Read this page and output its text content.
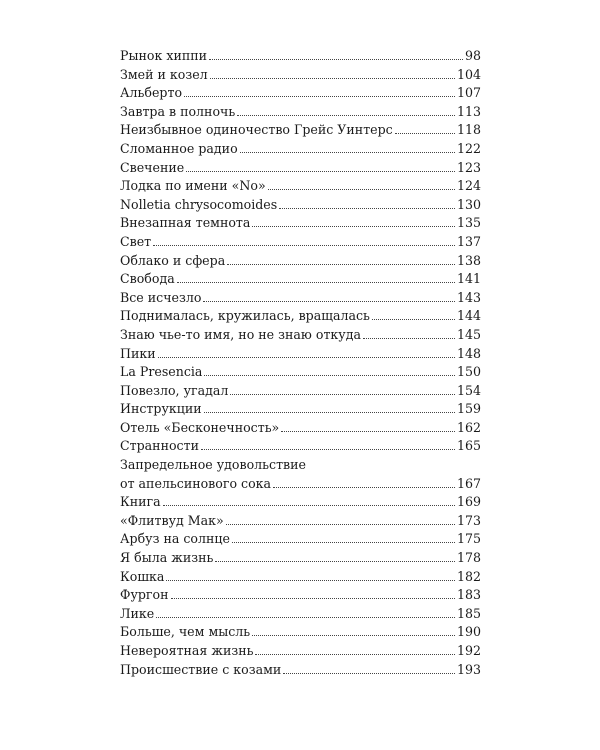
Рынок хиппи	98
Змей и козел	104
Альберто	107
Завтра в полночь	113
Неизбывное одиночество Грейс Уинтерс	118
Сломанное радио	122
Свечение	123
Лодка по имени «No»	124
Nolletia chrysocomoides	130
Внезапная темнота	135
Свет	137
Облако и сфера	138
Свобода	141
Все исчезло	143
Поднималась, кружилась, вращалась	144
Знаю чье-то имя, но не знаю откуда	145
Пики	148
La Presencia	150
Повезло, угадал	154
Инструкции	159
Отель «Бесконечность»	162
Странности	165
Запредельное удовольствие
от апельсинового сока	167
Книга	169
«Флитвуд Мак»	173
Арбуз на солнце	175
Я была жизнь	178
Кошка	182
Фургон	183
Лике	185
Больше, чем мысль	190
Невероятная жизнь	192
Происшествие с козами	193
